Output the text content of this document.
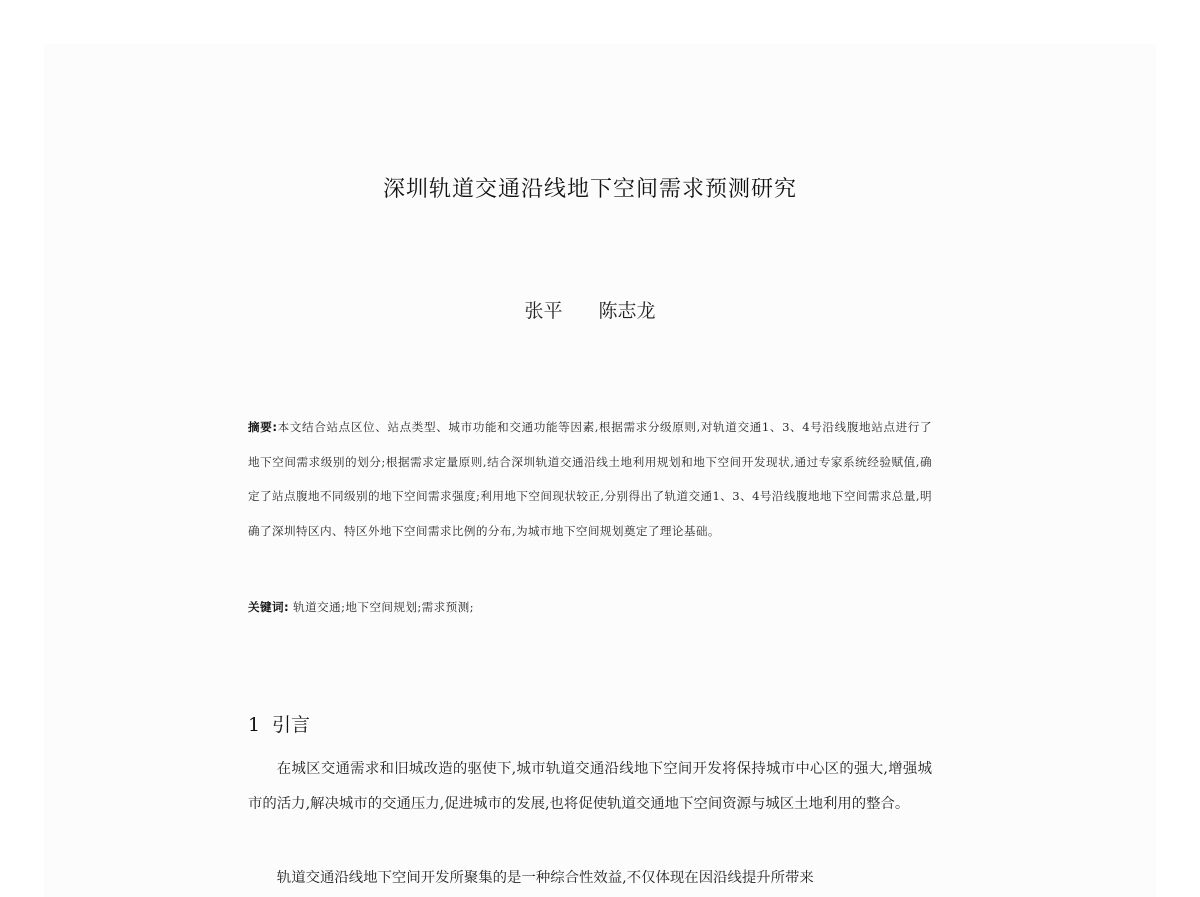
深圳轨道交通沿线地下空间需求预测研究
张平 陈志龙
摘要:本文结合站点区位、站点类型、城市功能和交通功能等因素,根据需求分级原则,对轨道交通1、3、4号沿线腹地站点进行了地下空间需求级别的划分;根据需求定量原则,结合深圳轨道交通沿线土地利用规划和地下空间开发现状,通过专家系统经验赋值,确定了站点腹地不同级别的地下空间需求强度;利用地下空间现状较正,分别得出了轨道交通1、3、4号沿线腹地地下空间需求总量,明确了深圳特区内、特区外地下空间需求比例的分布,为城市地下空间规划奠定了理论基础。
关键词: 轨道交通;地下空间规划;需求预测;
1 引言

在城区交通需求和旧城改造的驱使下,城市轨道交通沿线地下空间开发将保持城市中心区的强大,增强城市的活力,解决城市的交通压力,促进城市的发展,也将促使轨道交通地下空间资源与城区土地利用的整合。

轨道交通沿线地下空间开发所聚集的是一种综合性效益,不仅体现在因沿线提升所带来
